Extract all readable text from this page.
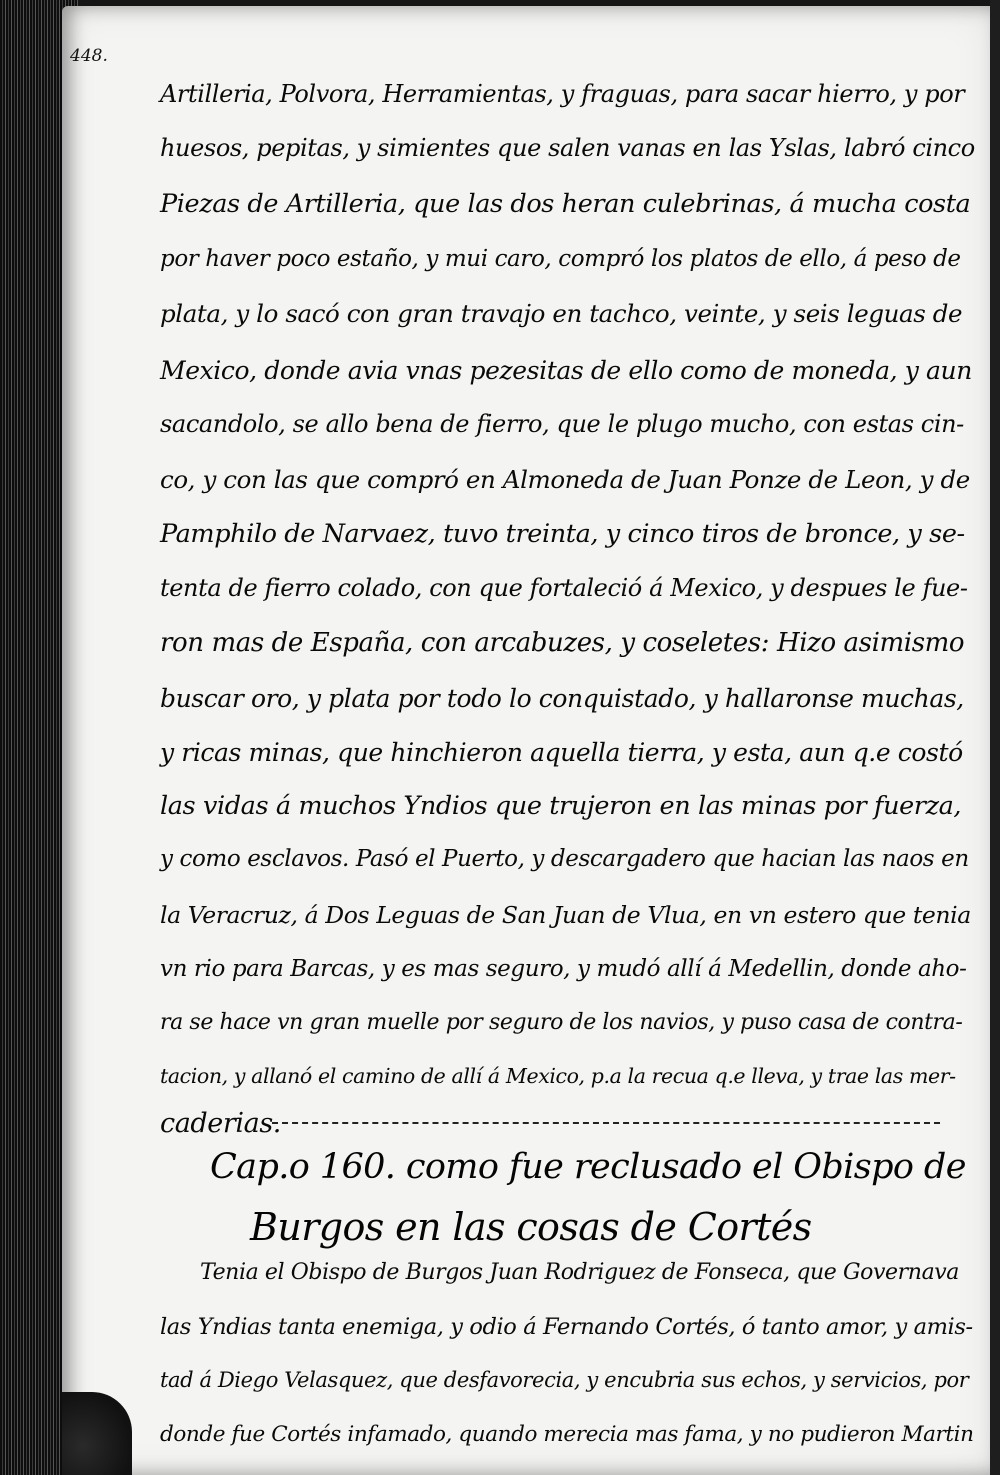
448.
Artilleria, Polvora, Herramientas, y fraguas, para sacar hierro, y por
huesos, pepitas, y simientes que salen vanas en las Yslas, labró cinco
Piezas de Artilleria, que las dos heran culebrinas, á mucha costa
por haver poco estaño, y mui caro, compró los platos de ello, á peso de
plata, y lo sacó con gran travajo en tachco, veinte, y seis leguas de
Mexico, donde avia vnas pezesitas de ello como de moneda, y aun
sacandolo, se allo bena de fierro, que le plugo mucho, con estas cin-
co, y con las que compró en Almoneda de Juan Ponze de Leon, y de
Pamphilo de Narvaez, tuvo treinta, y cinco tiros de bronce, y se-
tenta de fierro colado, con que fortaleció á Mexico, y despues le fue-
ron mas de España, con arcabuzes, y coseletes: Hizo asimismo
buscar oro, y plata por todo lo conquistado, y hallaronse muchas,
y ricas minas, que hinchieron aquella tierra, y esta, aun q.e costó
las vidas á muchos Yndios que trujeron en las minas por fuerza,
y como esclavos. Pasó el Puerto, y descargadero que hacian las naos en
la Veracruz, á Dos Leguas de San Juan de Vlua, en vn estero que tenia
vn rio para Barcas, y es mas seguro, y mudó allí á Medellin, donde aho-
ra se hace vn gran muelle por seguro de los navios, y puso casa de contra-
tacion, y allanó el camino de allí á Mexico, p.a la recua q.e lleva, y trae las mer-
caderias.
Cap.o 160. como fue reclusado el Obispo de
Burgos en las cosas de Cortés
Tenia el Obispo de Burgos Juan Rodriguez de Fonseca, que Governava
las Yndias tanta enemiga, y odio á Fernando Cortés, ó tanto amor, y amis-
tad á Diego Velasquez, que desfavorecia, y encubria sus echos, y servicios, por
donde fue Cortés infamado, quando merecia mas fama, y no pudieron Martin
